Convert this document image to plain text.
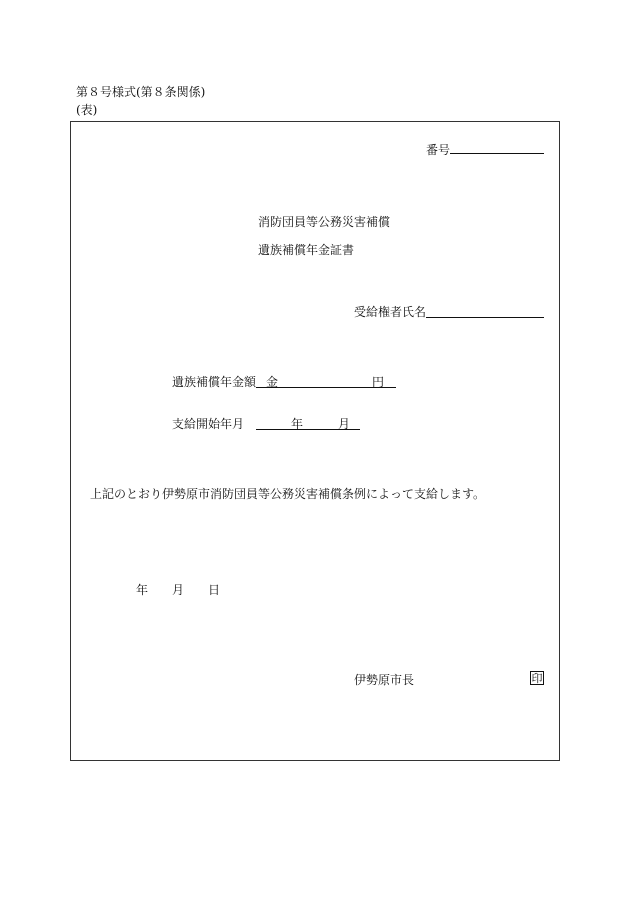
第８号様式(第８条関係)
(表)
番号
消防団員等公務災害補償
遺族補償年金証書
受給権者氏名
遺族補償年金額 金	円
支給開始年月	年	月
上記のとおり伊勢原市消防団員等公務災害補償条例によって支給します。
年 月 日
伊勢原市長	印
